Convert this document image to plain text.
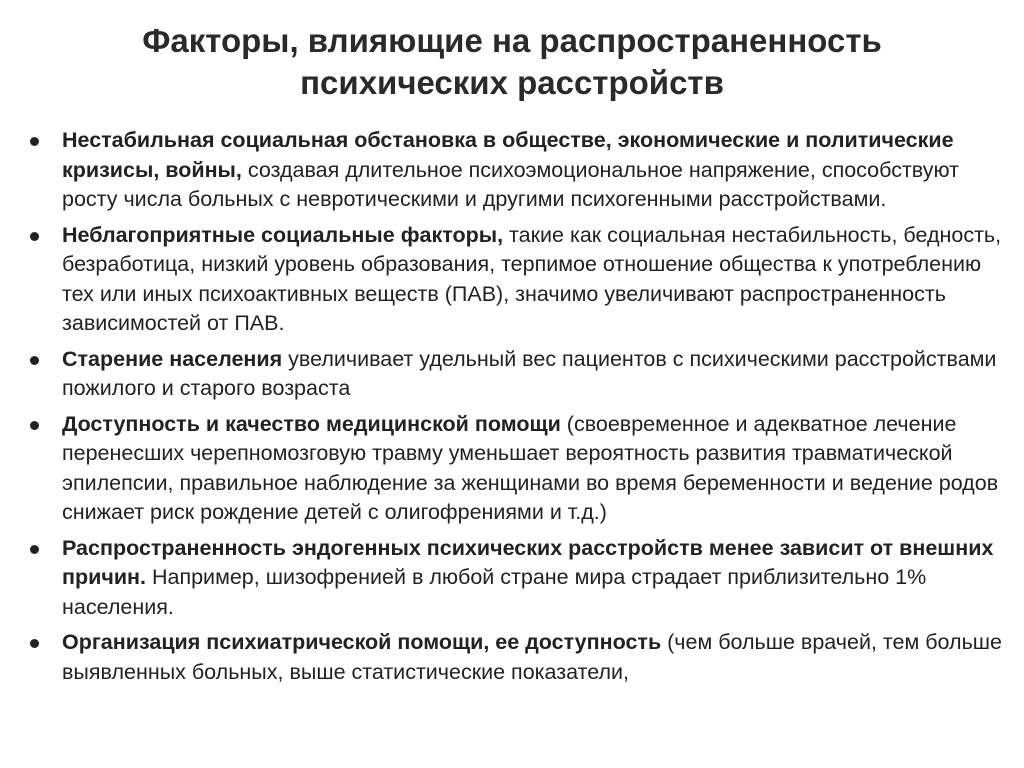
Факторы, влияющие на распространенность
психических расстройств
Нестабильная социальная обстановка в обществе, экономические и политические кризисы, войны, создавая длительное психоэмоциональное напряжение, способствуют росту числа больных с невротическими и другими психогенными расстройствами.
Неблагоприятные социальные факторы, такие как социальная нестабильность, бедность, безработица, низкий уровень образования, терпимое отношение общества к употреблению тех или иных психоактивных веществ (ПАВ), значимо увеличивают распространенность зависимостей от ПАВ.
Старение населения увеличивает удельный вес пациентов с психическими расстройствами пожилого и старого возраста
Доступность и качество медицинской помощи (своевременное и адекватное лечение перенесших черепномозговую травму уменьшает вероятность развития травматической эпилепсии, правильное наблюдение за женщинами во время беременности и ведение родов снижает риск рождение детей с олигофрениями и т.д.)
Распространенность эндогенных психических расстройств менее зависит от внешних причин. Например, шизофренией в любой стране мира страдает приблизительно 1% населения.
Организация психиатрической помощи, ее доступность (чем больше врачей, тем больше выявленных больных, выше статистические показатели,
